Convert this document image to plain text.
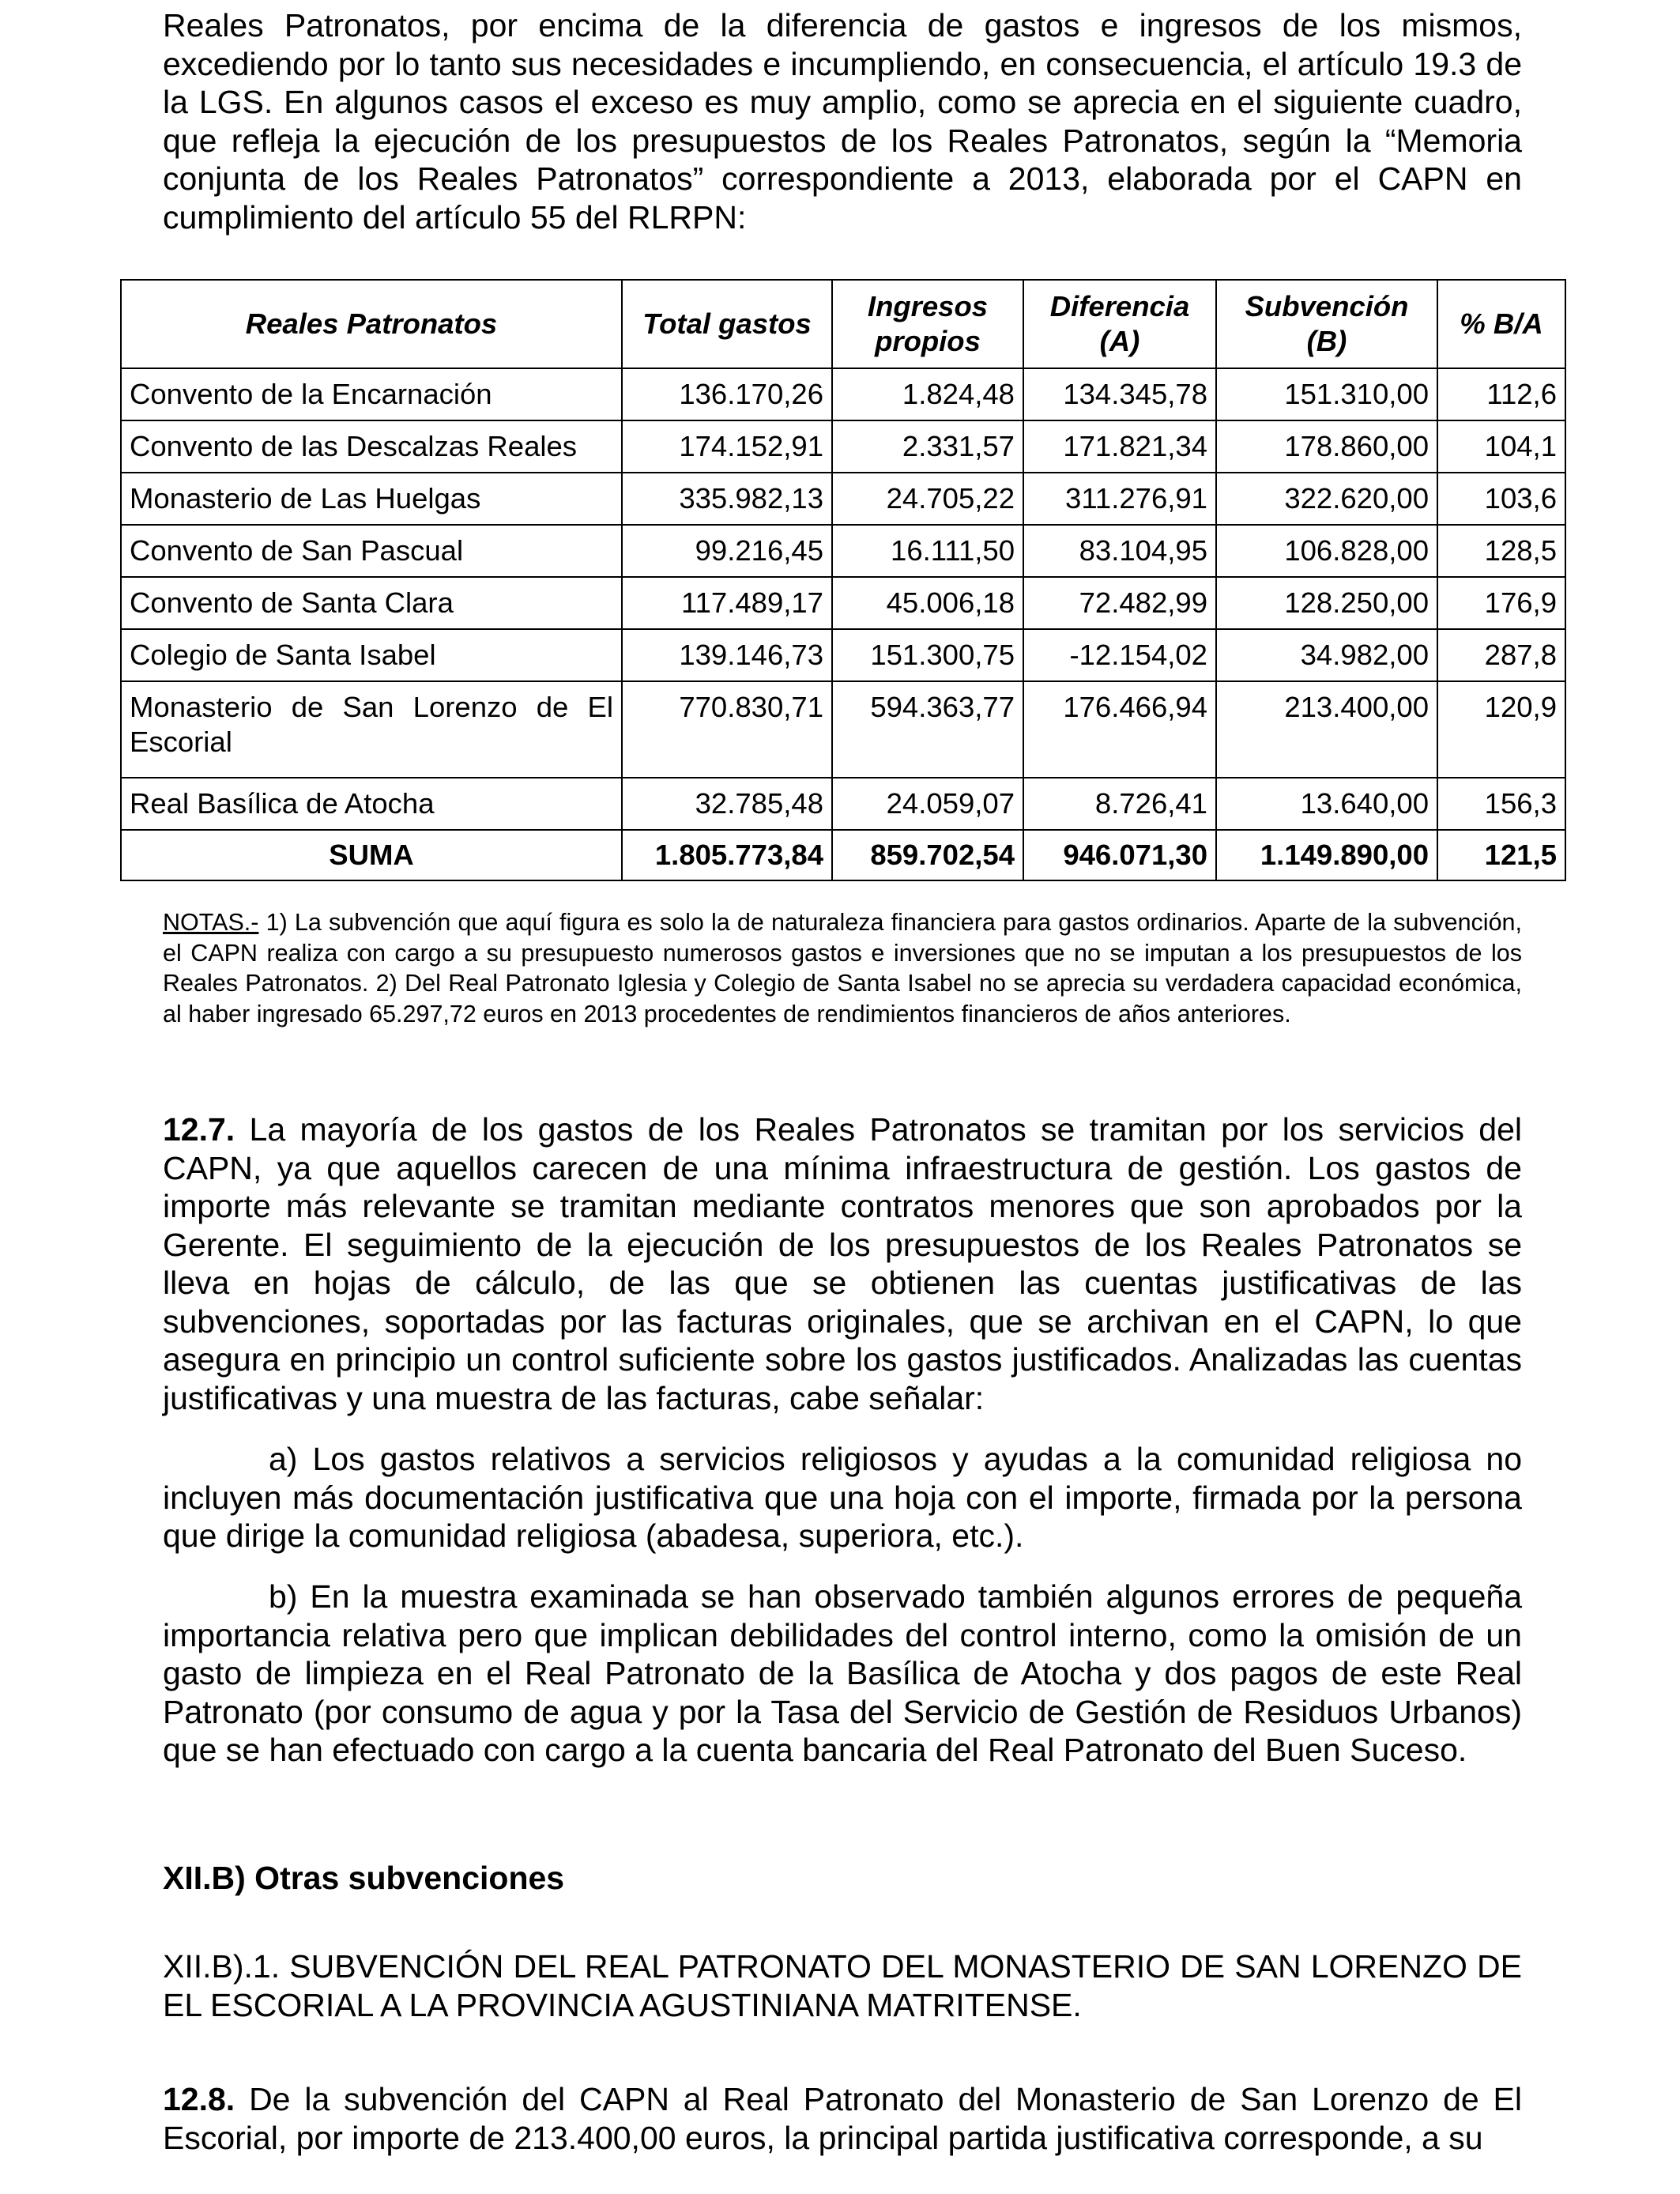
Reales Patronatos, por encima de la diferencia de gastos e ingresos de los mismos, excediendo por lo tanto sus necesidades e incumpliendo, en consecuencia, el artículo 19.3 de la LGS. En algunos casos el exceso es muy amplio, como se aprecia en el siguiente cuadro, que refleja la ejecución de los presupuestos de los Reales Patronatos, según la “Memoria conjunta de los Reales Patronatos” correspondiente a 2013, elaborada por el CAPN en cumplimiento del artículo 55 del RLRPN:

Reales Patronatos	Total gastos	Ingresos propios	Diferencia (A)	Subvención (B)	% B/A
Convento de la Encarnación	136.170,26	1.824,48	134.345,78	151.310,00	112,6
Convento de las Descalzas Reales	174.152,91	2.331,57	171.821,34	178.860,00	104,1
Monasterio de Las Huelgas	335.982,13	24.705,22	311.276,91	322.620,00	103,6
Convento de San Pascual	99.216,45	16.111,50	83.104,95	106.828,00	128,5
Convento de Santa Clara	117.489,17	45.006,18	72.482,99	128.250,00	176,9
Colegio de Santa Isabel	139.146,73	151.300,75	-12.154,02	34.982,00	287,8
Monasterio de San Lorenzo de El Escorial	770.830,71	594.363,77	176.466,94	213.400,00	120,9
Real Basílica de Atocha	32.785,48	24.059,07	8.726,41	13.640,00	156,3
SUMA	1.805.773,84	859.702,54	946.071,30	1.149.890,00	121,5

NOTAS.- 1) La subvención que aquí figura es solo la de naturaleza financiera para gastos ordinarios. Aparte de la subvención, el CAPN realiza con cargo a su presupuesto numerosos gastos e inversiones que no se imputan a los presupuestos de los Reales Patronatos. 2) Del Real Patronato Iglesia y Colegio de Santa Isabel no se aprecia su verdadera capacidad económica, al haber ingresado 65.297,72 euros en 2013 procedentes de rendimientos financieros de años anteriores.

12.7. La mayoría de los gastos de los Reales Patronatos se tramitan por los servicios del CAPN, ya que aquellos carecen de una mínima infraestructura de gestión. Los gastos de importe más relevante se tramitan mediante contratos menores que son aprobados por la Gerente. El seguimiento de la ejecución de los presupuestos de los Reales Patronatos se lleva en hojas de cálculo, de las que se obtienen las cuentas justificativas de las subvenciones, soportadas por las facturas originales, que se archivan en el CAPN, lo que asegura en principio un control suficiente sobre los gastos justificados. Analizadas las cuentas justificativas y una muestra de las facturas, cabe señalar:

a) Los gastos relativos a servicios religiosos y ayudas a la comunidad religiosa no incluyen más documentación justificativa que una hoja con el importe, firmada por la persona que dirige la comunidad religiosa (abadesa, superiora, etc.).

b) En la muestra examinada se han observado también algunos errores de pequeña importancia relativa pero que implican debilidades del control interno, como la omisión de un gasto de limpieza en el Real Patronato de la Basílica de Atocha y dos pagos de este Real Patronato (por consumo de agua y por la Tasa del Servicio de Gestión de Residuos Urbanos) que se han efectuado con cargo a la cuenta bancaria del Real Patronato del Buen Suceso.

XII.B) Otras subvenciones

XII.B).1. SUBVENCIÓN DEL REAL PATRONATO DEL MONASTERIO DE SAN LORENZO DE EL ESCORIAL A LA PROVINCIA AGUSTINIANA MATRITENSE.

12.8. De la subvención del CAPN al Real Patronato del Monasterio de San Lorenzo de El Escorial, por importe de 213.400,00 euros, la principal partida justificativa corresponde, a su
